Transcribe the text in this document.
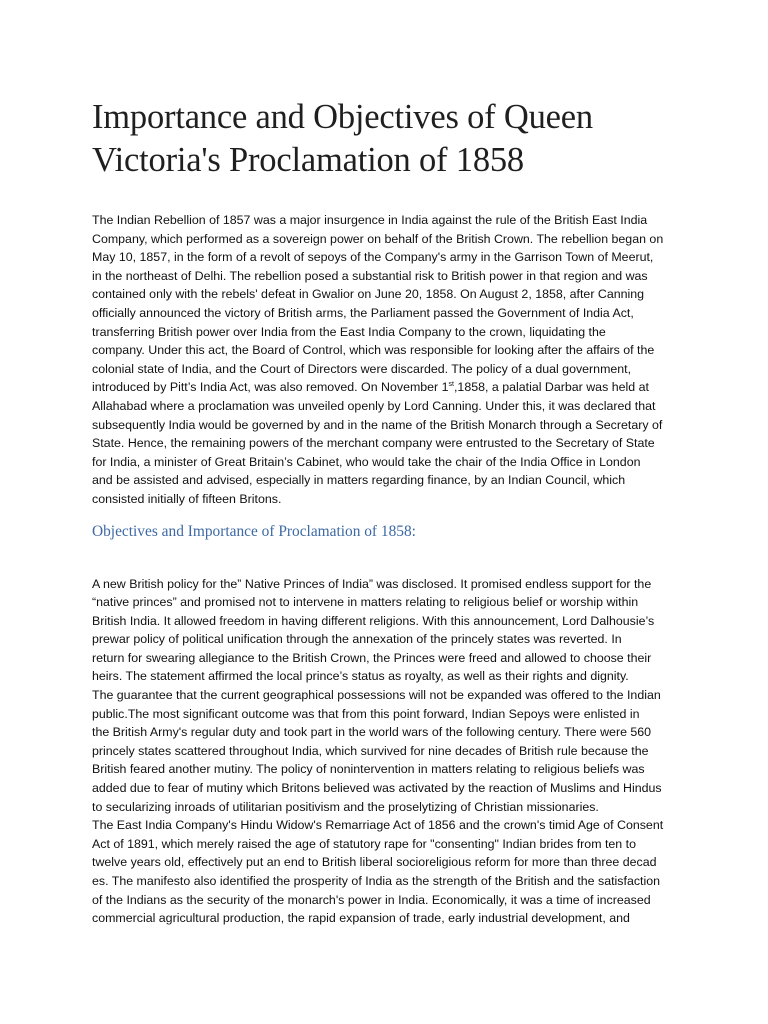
Importance and Objectives of Queen
Victoria's Proclamation of 1858

The Indian Rebellion of 1857 was a major insurgence in India against the rule of the British East India
Company, which performed as a sovereign power on behalf of the British Crown. The rebellion began on
May 10, 1857, in the form of a revolt of sepoys of the Company's army in the Garrison Town of Meerut,
in the northeast of Delhi. The rebellion posed a substantial risk to British power in that region and was
contained only with the rebels' defeat in Gwalior on June 20, 1858. On August 2, 1858, after Canning
officially announced the victory of British arms, the Parliament passed the Government of India Act,
transferring British power over India from the East India Company to the crown, liquidating the
company. Under this act, the Board of Control, which was responsible for looking after the affairs of the
colonial state of India, and the Court of Directors were discarded. The policy of a dual government,
introduced by Pitt’s India Act, was also removed. On November 1st,1858, a palatial Darbar was held at
Allahabad where a proclamation was unveiled openly by Lord Canning. Under this, it was declared that
subsequently India would be governed by and in the name of the British Monarch through a Secretary of
State. Hence, the remaining powers of the merchant company were entrusted to the Secretary of State
for India, a minister of Great Britain’s Cabinet, who would take the chair of the India Office in London
and be assisted and advised, especially in matters regarding finance, by an Indian Council, which
consisted initially of fifteen Britons.

Objectives and Importance of Proclamation of 1858:

A new British policy for the” Native Princes of India” was disclosed. It promised endless support for the
“native princes” and promised not to intervene in matters relating to religious belief or worship within
British India. It allowed freedom in having different religions. With this announcement, Lord Dalhousie’s
prewar policy of political unification through the annexation of the princely states was reverted. In
return for swearing allegiance to the British Crown, the Princes were freed and allowed to choose their
heirs. The statement affirmed the local prince’s status as royalty, as well as their rights and dignity.
The guarantee that the current geographical possessions will not be expanded was offered to the Indian
public.The most significant outcome was that from this point forward, Indian Sepoys were enlisted in
the British Army's regular duty and took part in the world wars of the following century. There were 560
princely states scattered throughout India, which survived for nine decades of British rule because the
British feared another mutiny. The policy of nonintervention in matters relating to religious beliefs was
added due to fear of mutiny which Britons believed was activated by the reaction of Muslims and Hindus
to secularizing inroads of utilitarian positivism and the proselytizing of Christian missionaries.
The East India Company's Hindu Widow's Remarriage Act of 1856 and the crown's timid Age of Consent
Act of 1891, which merely raised the age of statutory rape for "consenting" Indian brides from ten to
twelve years old, effectively put an end to British liberal socioreligious reform for more than three decad
es. The manifesto also identified the prosperity of India as the strength of the British and the satisfaction
of the Indians as the security of the monarch's power in India. Economically, it was a time of increased
commercial agricultural production, the rapid expansion of trade, early industrial development, and
